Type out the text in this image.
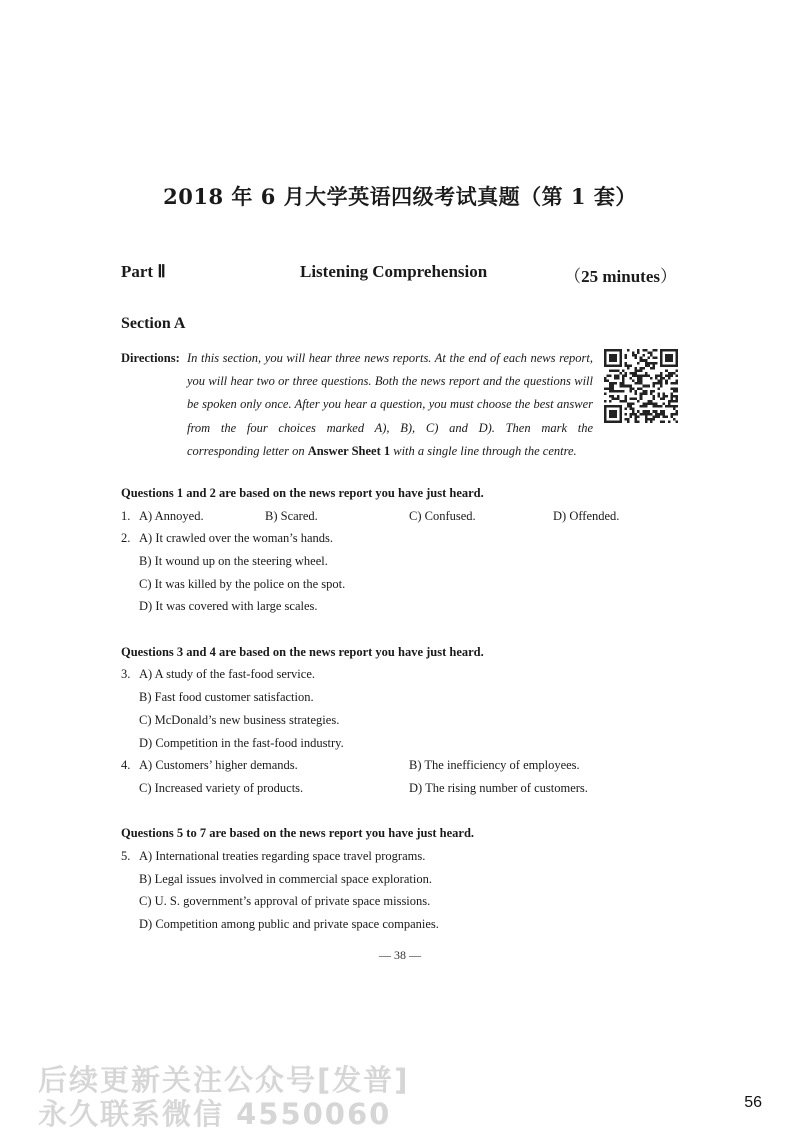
2018 年 6 月大学英语四级考试真题（第 1 套）
Part Ⅱ	Listening Comprehension	（25 minutes）
Section A
Directions: In this section, you will hear three news reports. At the end of each news report,
you will hear two or three questions. Both the news report and the questions will
be spoken only once. After you hear a question, you must choose the best answer
from the four choices marked A), B), C) and D). Then mark the
corresponding letter on Answer Sheet 1 with a single line through the centre.
Questions 1 and 2 are based on the news report you have just heard.
1. A) Annoyed.	B) Scared.	C) Confused.	D) Offended.
2. A) It crawled over the woman’s hands.
B) It wound up on the steering wheel.
C) It was killed by the police on the spot.
D) It was covered with large scales.
Questions 3 and 4 are based on the news report you have just heard.
3. A) A study of the fast-food service.
B) Fast food customer satisfaction.
C) McDonald’s new business strategies.
D) Competition in the fast-food industry.
4. A) Customers’ higher demands.	B) The inefficiency of employees.
C) Increased variety of products.	D) The rising number of customers.
Questions 5 to 7 are based on the news report you have just heard.
5. A) International treaties regarding space travel programs.
B) Legal issues involved in commercial space exploration.
C) U. S. government’s approval of private space missions.
D) Competition among public and private space companies.
— 38 —
后续更新关注公众号[发普]
永久联系微信 4550060	56
